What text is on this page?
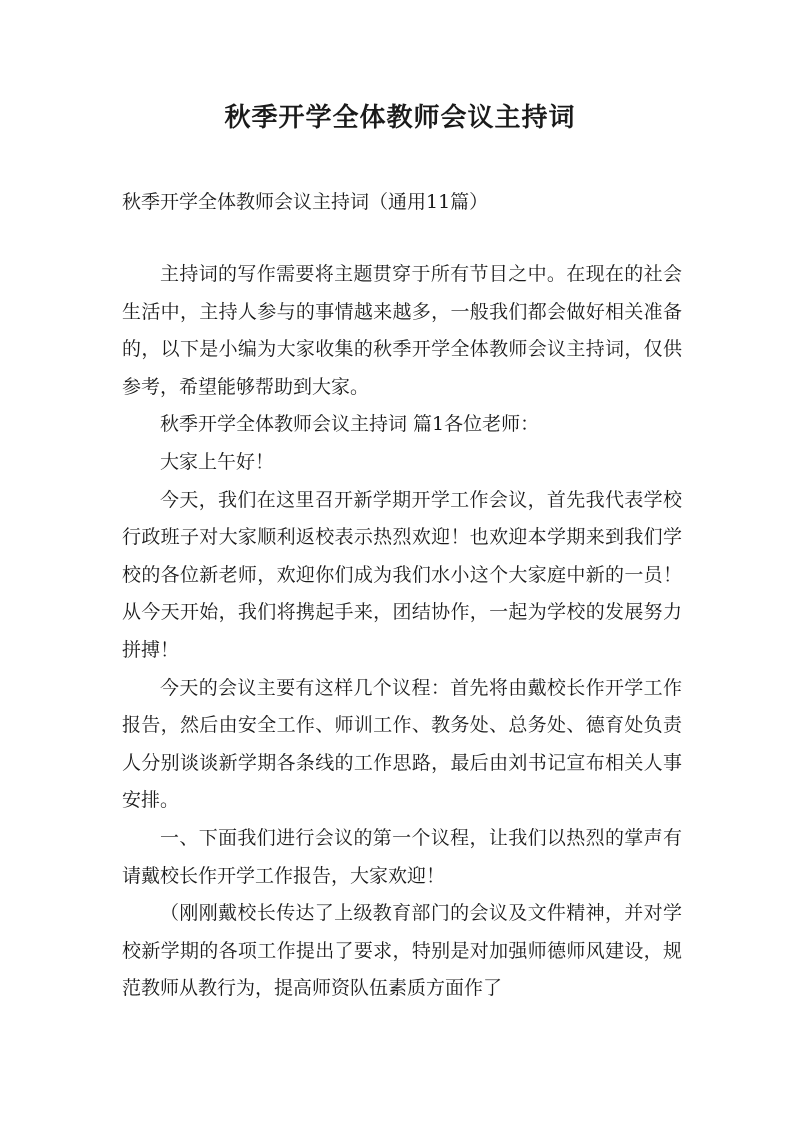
秋季开学全体教师会议主持词

秋季开学全体教师会议主持词（通用11篇）

主持词的写作需要将主题贯穿于所有节目之中。在现在的社会生活中，主持人参与的事情越来越多，一般我们都会做好相关准备的，以下是小编为大家收集的秋季开学全体教师会议主持词，仅供参考，希望能够帮助到大家。

秋季开学全体教师会议主持词 篇1各位老师：

大家上午好！

今天，我们在这里召开新学期开学工作会议，首先我代表学校行政班子对大家顺利返校表示热烈欢迎！也欢迎本学期来到我们学校的各位新老师，欢迎你们成为我们水小这个大家庭中新的一员！从今天开始，我们将携起手来，团结协作，一起为学校的发展努力拼搏！

今天的会议主要有这样几个议程：首先将由戴校长作开学工作报告，然后由安全工作、师训工作、教务处、总务处、德育处负责人分别谈谈新学期各条线的工作思路，最后由刘书记宣布相关人事安排。

一、下面我们进行会议的第一个议程，让我们以热烈的掌声有请戴校长作开学工作报告，大家欢迎！

（刚刚戴校长传达了上级教育部门的会议及文件精神，并对学校新学期的各项工作提出了要求，特别是对加强师德师风建设，规范教师从教行为，提高师资队伍素质方面作了
